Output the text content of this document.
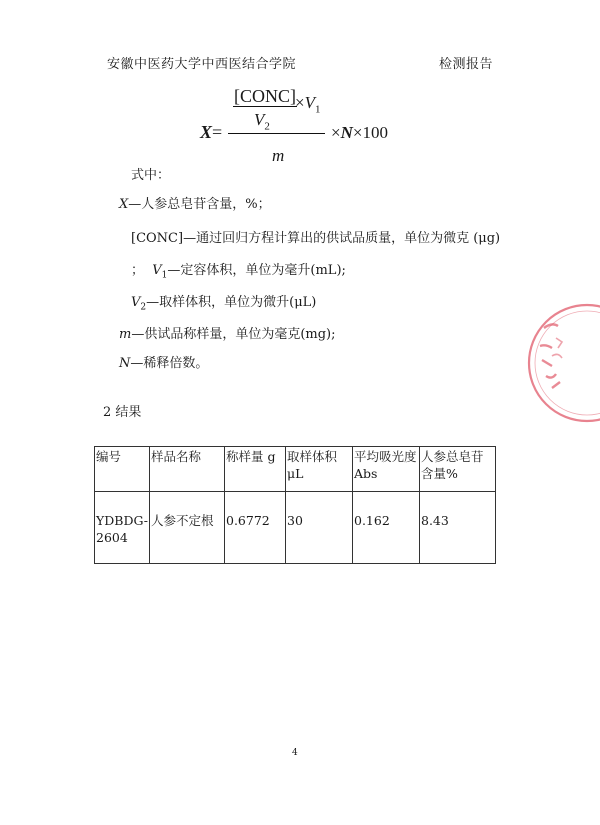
安徽中医药大学中西医结合学院	检测报告
[CONC] $\times V_1$
$V_2$
X=	×N×100
m
式中：
X—人参总皂苷含量，%；
[CONC]—通过回归方程计算出的供试品质量，单位为微克 (μg)
； $V_1—$定容体积，单位为毫升(mL);
$V_2—$取样体积，单位为微升(μL)
m—供试品称样量，单位为毫克(mg);
N—稀释倍数。
2 结果
编号	样品名称	称样量 g	取样体积 μL	平均吸光度 Abs	人参总皂苷含量%
YDBDG-2604	人参不定根	0.6772	30	0.162	8.43
4
